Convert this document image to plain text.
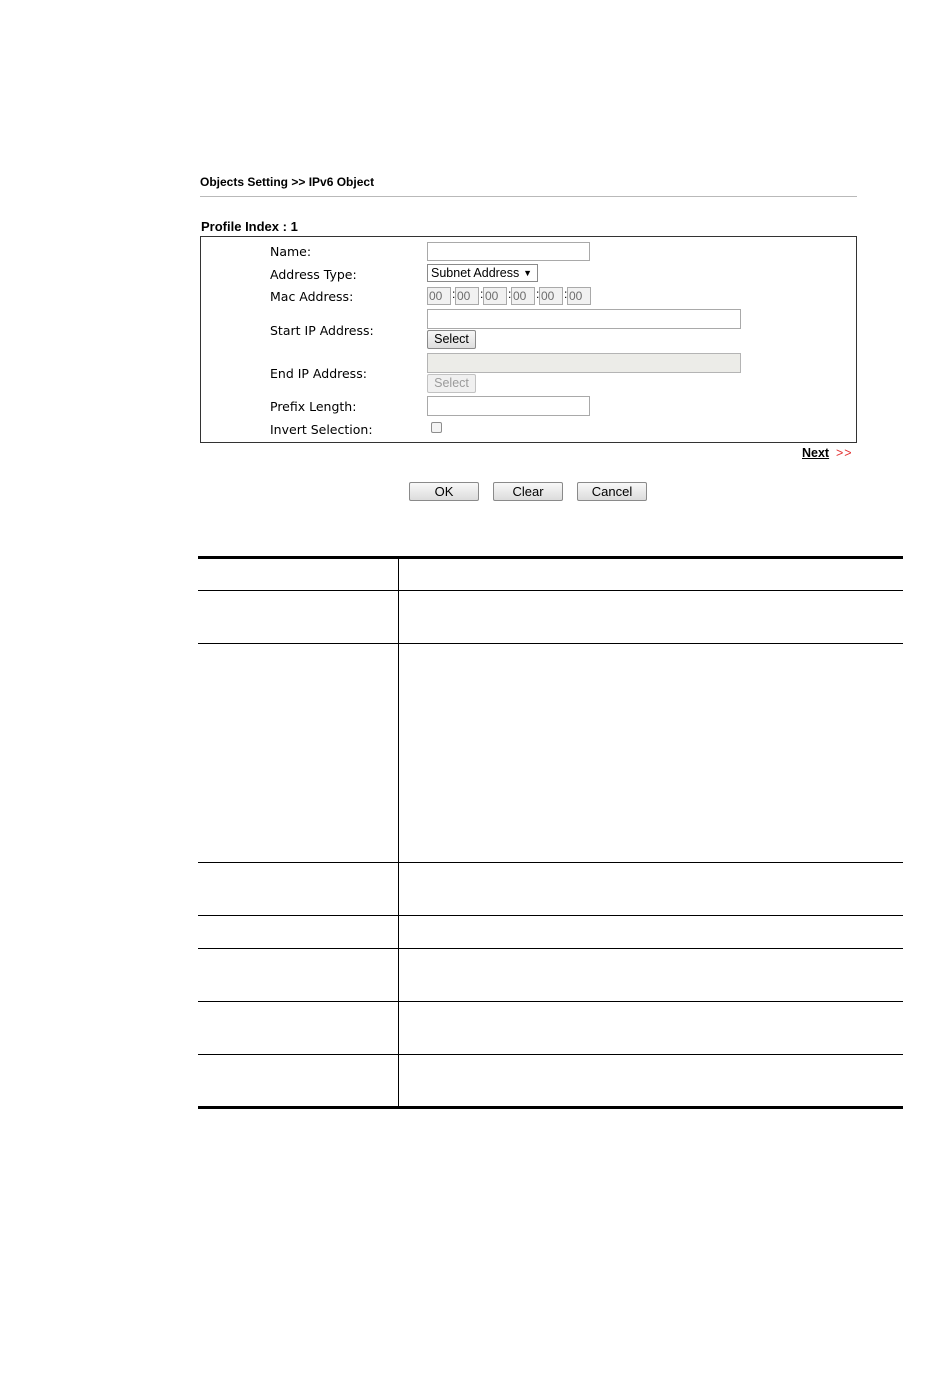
Objects Setting >> IPv6 Object
Profile Index : 1
Name:
Address Type:	Subnet Address ▼
Mac Address:	00 : 00 : 00 : 00 : 00 : 00
Start IP Address:
Select
End IP Address:
Select
Prefix Length:
Invert Selection:
Next >>
OK	Clear	Cancel
